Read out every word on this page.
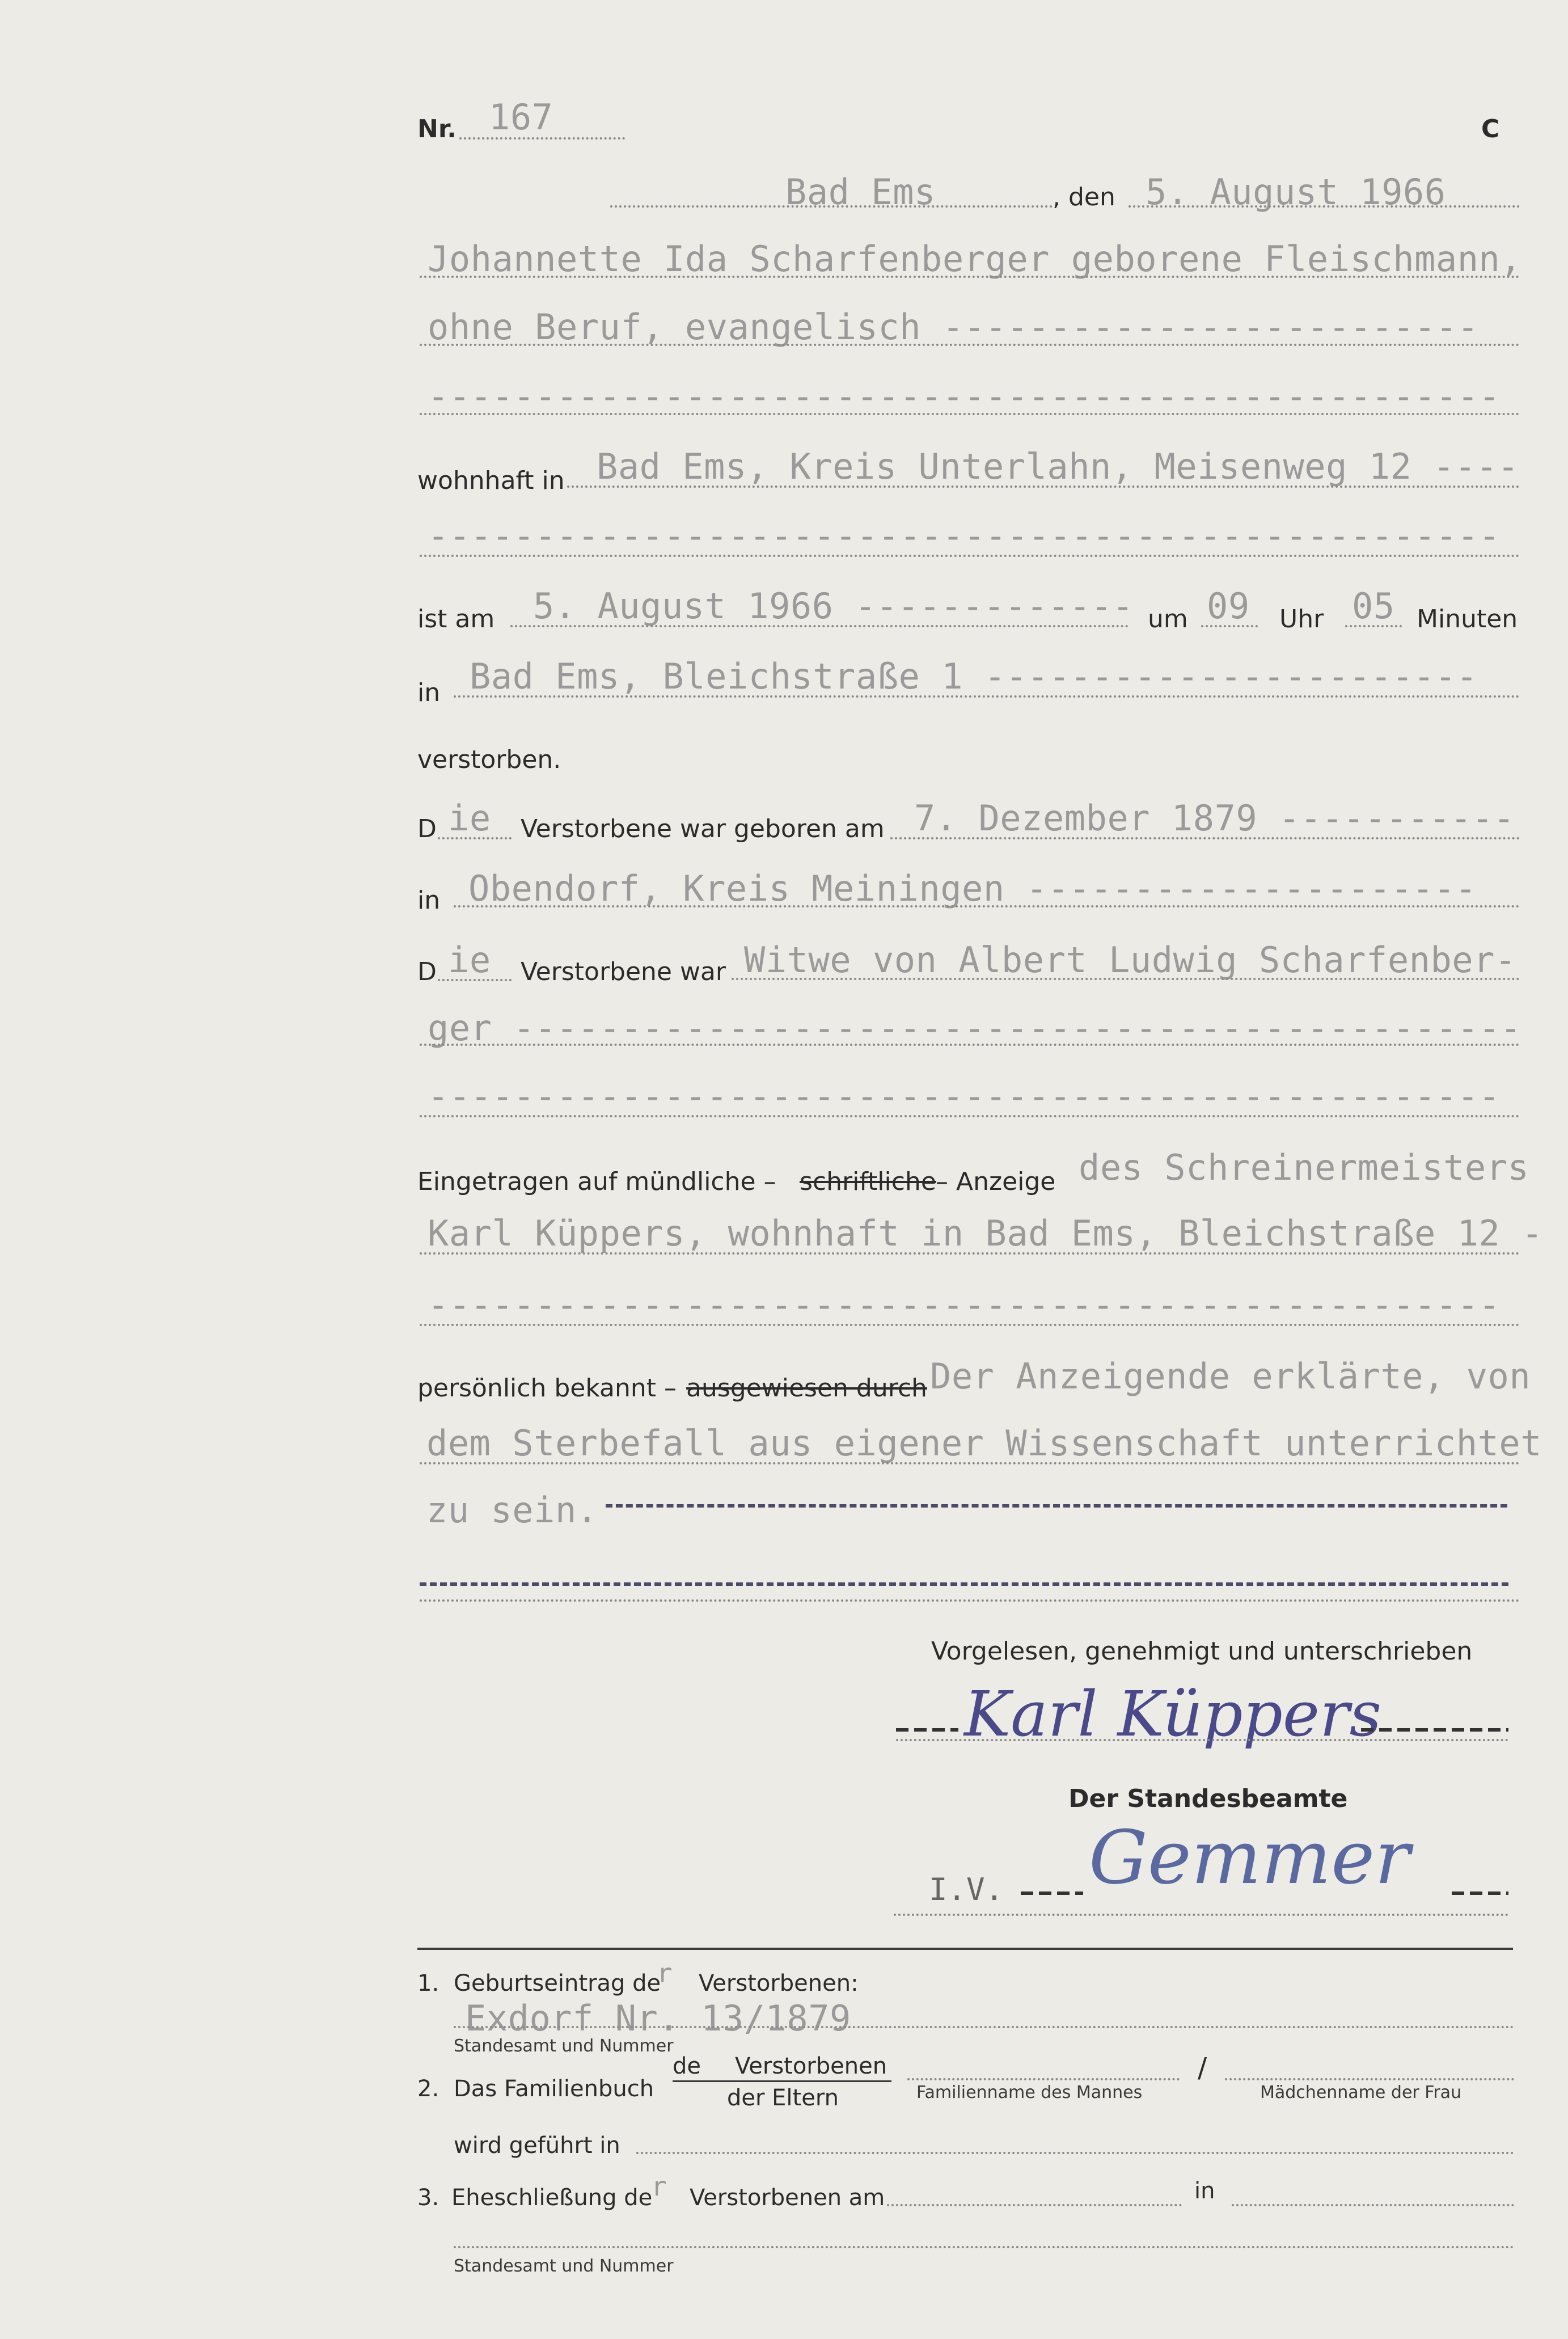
Nr. 167	C
Bad Ems	, den 5. August 1966
Johannette Ida Scharfenberger geborene Fleischmann,
ohne Beruf, evangelisch -------------------------
--------------------------------------------------
wohnhaft in Bad Ems, Kreis Unterlahn, Meisenweg 12 ----
--------------------------------------------------
ist am 5. August 1966 ------------- um 09 Uhr 05 Minuten
in Bad Ems, Bleichstraße 1 -----------------------
verstorben.
D ie Verstorbene war geboren am 7. Dezember 1879 -----------
in Obendorf, Kreis Meiningen ---------------------
D ie Verstorbene war Witwe von Albert Ludwig Scharfenber-
ger -----------------------------------------------
--------------------------------------------------
Eingetragen auf mündliche – schriftliche – Anzeige des Schreinermeisters
Karl Küppers, wohnhaft in Bad Ems, Bleichstraße 12 -
--------------------------------------------------
persönlich bekannt – ausgewiesen durch Der Anzeigende erklärte, von
dem Sterbefall aus eigener Wissenschaft unterrichtet
zu sein.
Vorgelesen, genehmigt und unterschrieben
Karl Küppers
Der Standesbeamte
I.V. Gemmer
1. Geburtseintrag de
r Verstorbenen:
Exdorf Nr. 13/1879
Standesamt und Nummer
2. Das Familienbuch
de Verstorbenen
der Eltern	Familienname des Mannes
/
Mädchenname der Frau
wird geführt in
3. Eheschließung de
r Verstorbenen am	in
Standesamt und Nummer
